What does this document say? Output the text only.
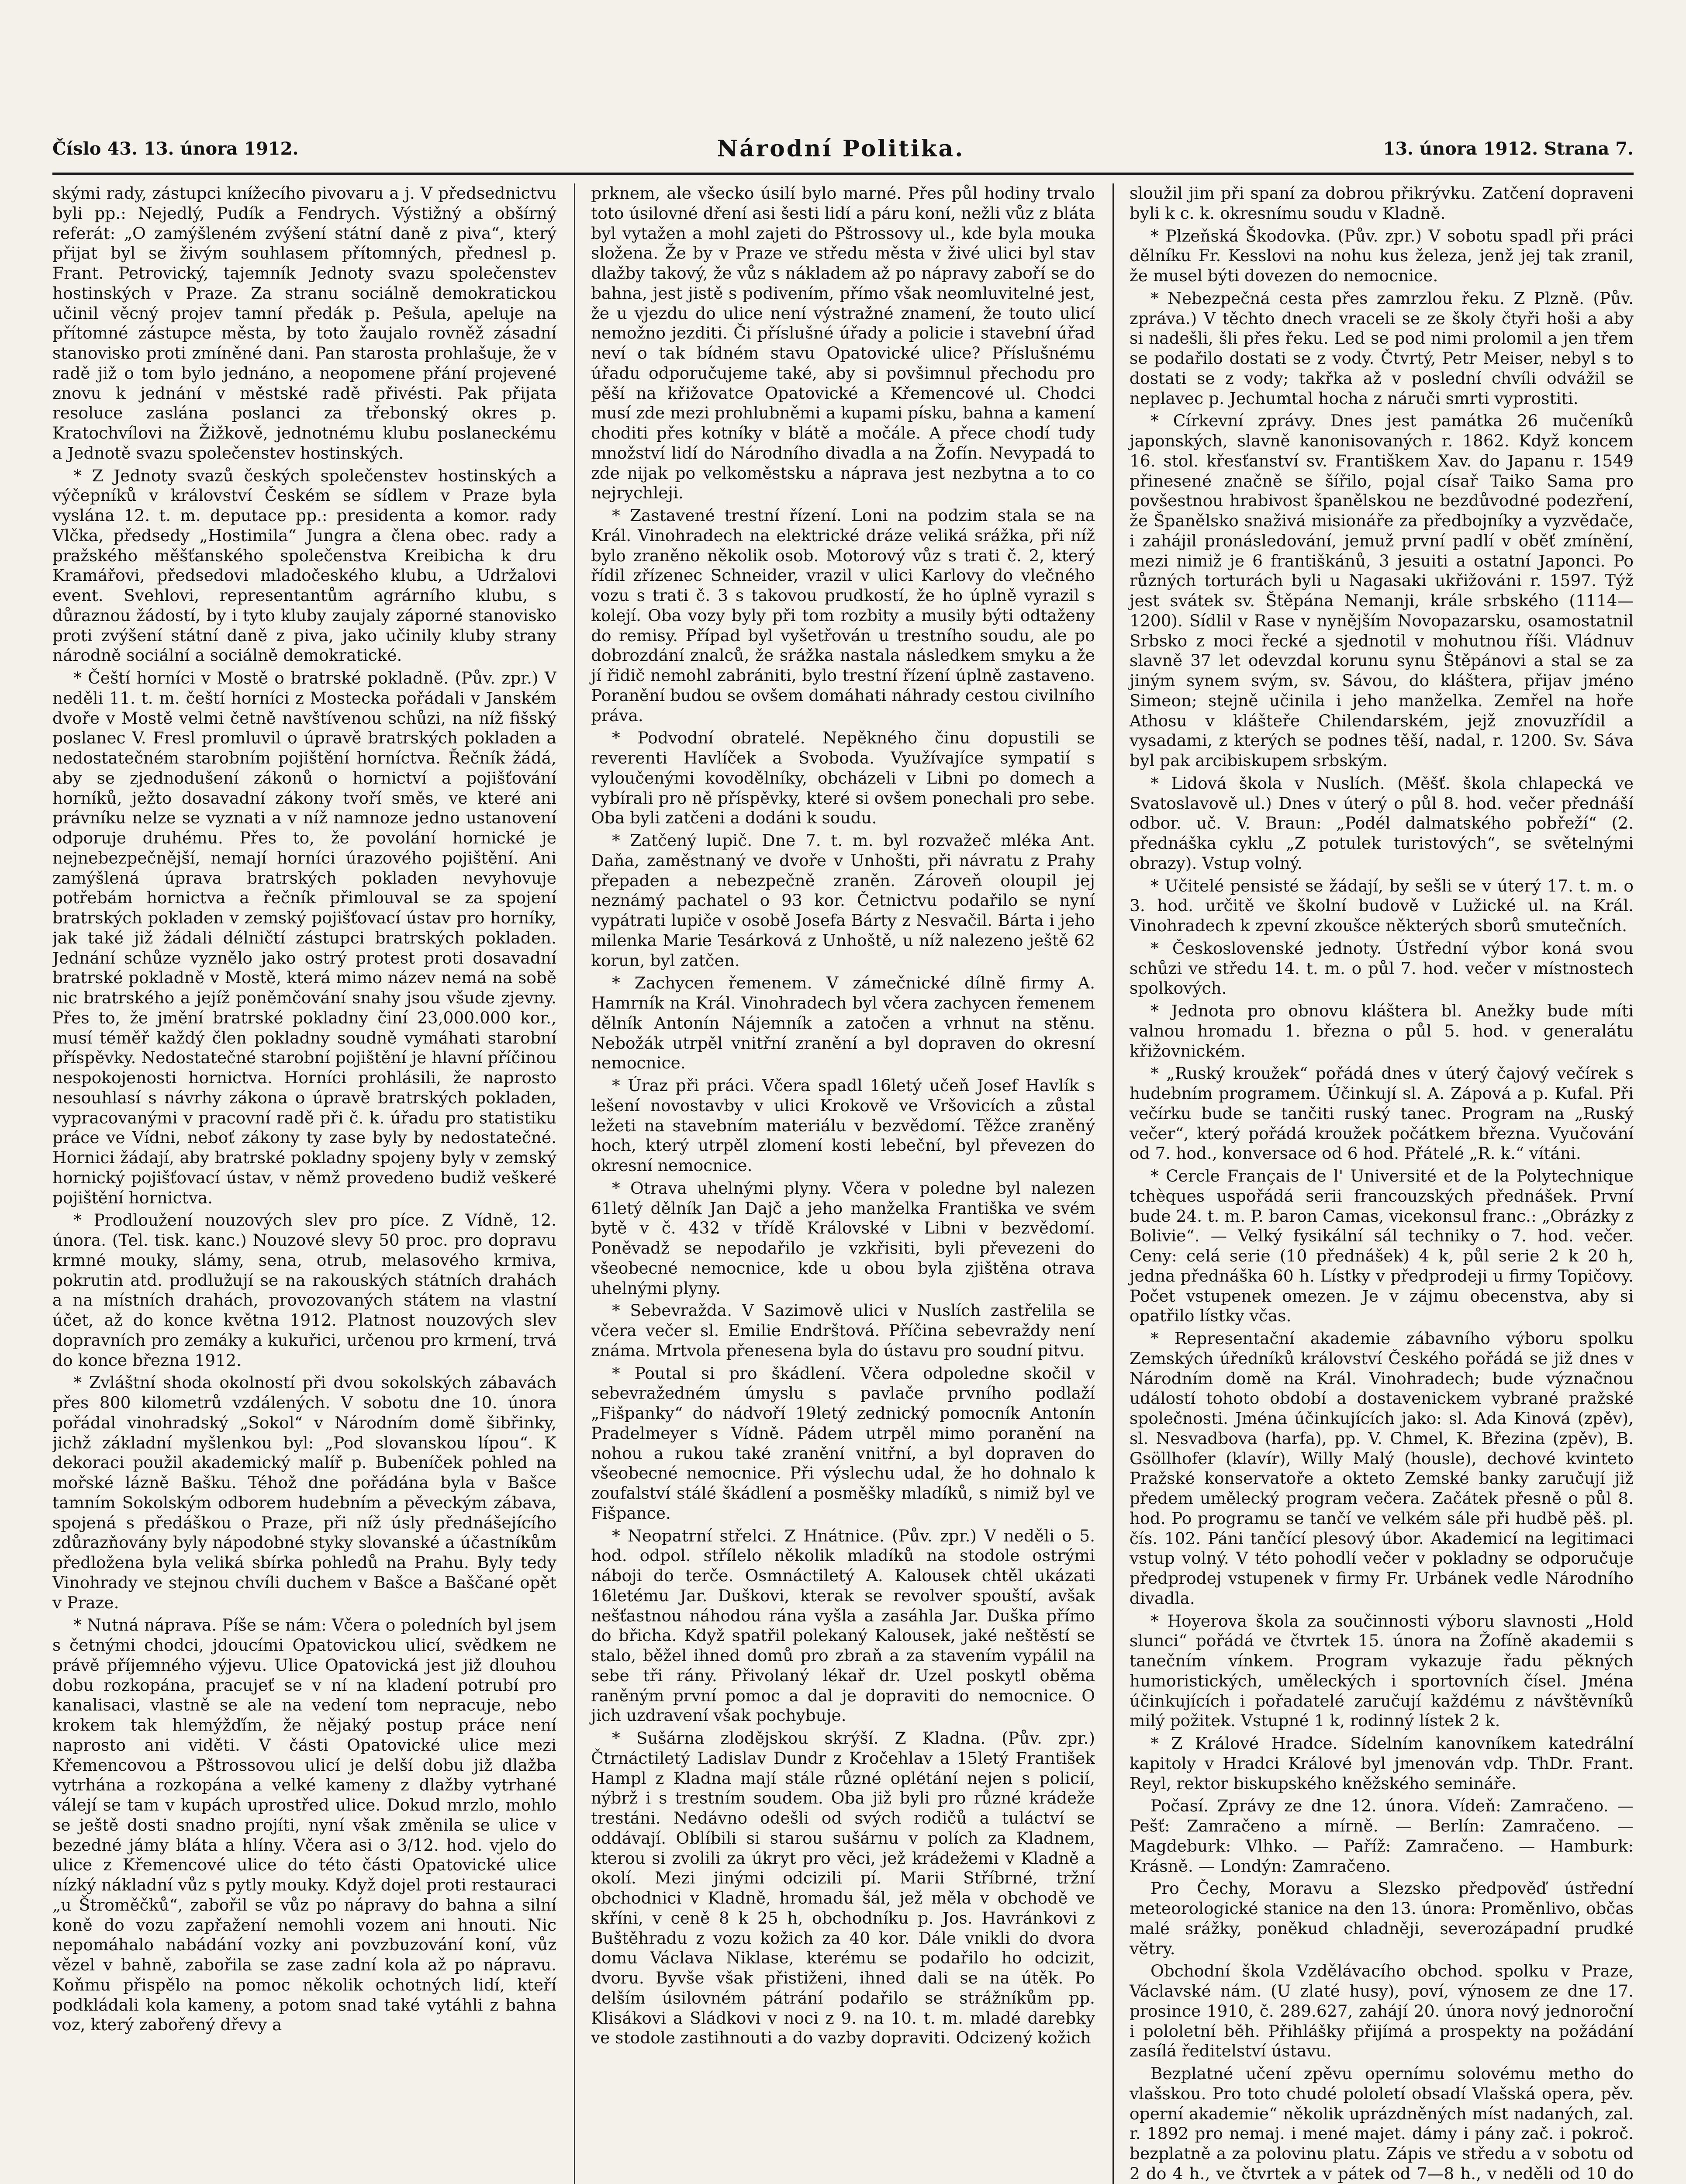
Číslo 43. 13. února 1912.	Národní Politika.	13. února 1912. Strana 7.

skými rady, zástupci knížecího pivovaru a j. V předsednictvu byli pp.: Nejedlý, Pudík a Fendrych. Výstižný a obšírný referát: „O zamýšleném zvýšení státní daně z piva“, který přijat byl se živým souhlasem přítomných, přednesl p. Frant. Petrovický, tajemník Jednoty svazu společenstev hostinských v Praze. Za stranu sociálně demokratickou učinil věcný projev tamní předák p. Pešula, apeluje na přítomné zástupce města, by toto žaujalo rovněž zásadní stanovisko proti zmíněné dani. Pan starosta prohlašuje, že v radě již o tom bylo jednáno, a neopomene přání projevené znovu k jednání v městské radě přivésti. Pak přijata resoluce zaslána poslanci za třebonský okres p. Kratochvílovi na Žižkově, jednotnému klubu poslaneckému a Jednotě svazu společenstev hostinských.

* Z Jednoty svazů českých společenstev hostinských a výčepníků v království Českém se sídlem v Praze byla vyslána 12. t. m. deputace pp.: presidenta a komor. rady Vlčka, předsedy „Hostimila“ Jungra a člena obec. rady a pražského měšťanského společenstva Kreibicha k dru Kramářovi, předsedovi mladočeského klubu, a Udržalovi event. Svehlovi, representantům agrárního klubu, s důraznou žádostí, by i tyto kluby zaujaly záporné stanovisko proti zvýšení státní daně z piva, jako učinily kluby strany národně sociální a sociálně demokratické.

* Čeští horníci v Mostě o bratrské pokladně. (Pův. zpr.) V neděli 11. t. m. čeští horníci z Mostecka pořádali v Janském dvoře v Mostě velmi četně navštívenou schůzi, na níž fišský poslanec V. Fresl promluvil o úpravě bratrských pokladen a nedostatečném starobním pojištění horníctva. Řečník žádá, aby se zjednodušení zákonů o hornictví a pojišťování horníků, ježto dosavadní zákony tvoří směs, ve které ani právníku nelze se vyznati a v níž namnoze jedno ustanovení odporuje druhému. Přes to, že povolání hornické je nejnebezpečnější, nemají horníci úrazového pojištění. Ani zamýšlená úprava bratrských pokladen nevyhovuje potřebám hornictva a řečník přimlouval se za spojení bratrských pokladen v zemský pojišťovací ústav pro horníky, jak také již žádali délničtí zástupci bratrských pokladen. Jednání schůze vyznělo jako ostrý protest proti dosavadní bratrské pokladně v Mostě, která mimo název nemá na sobě nic bratrského a jejíž poněmčování snahy jsou všude zjevny. Přes to, že jmění bratrské pokladny činí 23,000.000 kor., musí téměř každý člen pokladny soudně vymáhati starobní příspěvky. Nedostatečné starobní pojištění je hlavní příčinou nespokojenosti hornictva. Horníci prohlásili, že naprosto nesouhlasí s návrhy zákona o úpravě bratrských pokladen, vypracovanými v pracovní radě při č. k. úřadu pro statistiku práce ve Vídni, neboť zákony ty zase byly by nedostatečné. Hornici žádají, aby bratrské pokladny spojeny byly v zemský hornický pojišťovací ústav, v němž provedeno budiž veškeré pojištění hornictva.

* Prodloužení nouzových slev pro píce. Z Vídně, 12. února. (Tel. tisk. kanc.) Nouzové slevy 50 proc. pro dopravu krmné mouky, slámy, sena, otrub, melasového krmiva, pokrutin atd. prodlužují se na rakouských státních drahách a na místních drahách, provozovaných státem na vlastní účet, až do konce května 1912. Platnost nouzových slev dopravních pro zemáky a kukuřici, určenou pro krmení, trvá do konce března 1912.

* Zvláštní shoda okolností při dvou sokolských zábavách přes 800 kilometrů vzdálených. V sobotu dne 10. února pořádal vinohradský „Sokol“ v Národním domě šibřinky, jichž základní myšlenkou byl: „Pod slovanskou lípou“. K dekoraci použil akademický malíř p. Bubeníček pohled na mořské lázně Bašku. Téhož dne pořádána byla v Bašce tamním Sokolským odborem hudebním a pěveckým zábava, spojená s předáškou o Praze, při níž úsly přednášejícího zdůrazňovány byly nápodobné styky slovanské a účastníkům předložena byla veliká sbírka pohledů na Prahu. Byly tedy Vinohrady ve stejnou chvíli duchem v Bašce a Baščané opět v Praze.

* Nutná náprava. Píše se nám: Včera o poledních byl jsem s četnými chodci, jdoucími Opatovickou ulicí, svědkem ne právě příjemného výjevu. Ulice Opatovická jest již dlouhou dobu rozkopána, pracujeť se v ní na kladení potrubí pro kanalisaci, vlastně se ale na vedení tom nepracuje, nebo krokem tak hlemýžďím, že nějaký postup práce není naprosto ani viděti. V části Opatovické ulice mezi Křemencovou a Pštrossovou ulicí je delší dobu již dlažba vytrhána a rozkopána a velké kameny z dlažby vytrhané válejí se tam v kupách uprostřed ulice. Dokud mrzlo, mohlo se ještě dosti snadno projíti, nyní však změnila se ulice v bezedné jámy bláta a hlíny. Včera asi o 3/12. hod. vjelo do ulice z Křemencové ulice do této části Opatovické ulice nízký nákladní vůz s pytly mouky. Když dojel proti restauraci „u Štroměčků“, zabořil se vůz po nápravy do bahna a silní koně do vozu zapřažení nemohli vozem ani hnouti. Nic nepomáhalo nabádání vozky ani povzbuzování koní, vůz vězel v bahně, zabořila se zase zadní kola až po nápravu. Koňmu přispělo na pomoc několik ochotných lidí, kteří podkládali kola kameny, a potom snad také vytáhli z bahna voz, který zabořený dřevy a

prknem, ale všecko úsilí bylo marné. Přes půl hodiny trvalo toto úsilovné dření asi šesti lidí a páru koní, nežli vůz z bláta byl vytažen a mohl zajeti do Pštrossovy ul., kde byla mouka složena. Že by v Praze ve středu města v živé ulici byl stav dlažby takový, že vůz s nákladem až po nápravy zaboří se do bahna, jest jistě s podivením, přímo však neomluvitelné jest, že u vjezdu do ulice není výstražné znamení, že touto ulicí nemožno jezditi. Či příslušné úřady a policie i stavební úřad neví o tak bídném stavu Opatovické ulice? Příslušnému úřadu odporučujeme také, aby si povšimnul přechodu pro pěší na křižovatce Opatovické a Křemencové ul. Chodci musí zde mezi prohlubněmi a kupami písku, bahna a kamení choditi přes kotníky v blátě a močále. A přece chodí tudy množství lidí do Národního divadla a na Žofín. Nevypadá to zde nijak po velkoměstsku a náprava jest nezbytna a to co nejrychleji.

* Zastavené trestní řízení. Loni na podzim stala se na Král. Vinohradech na elektrické dráze veliká srážka, při níž bylo zraněno několik osob. Motorový vůz s trati č. 2, který řídil zřízenec Schneider, vrazil v ulici Karlovy do vlečného vozu s trati č. 3 s takovou prudkostí, že ho úplně vyrazil s kolejí. Oba vozy byly při tom rozbity a musily býti odtaženy do remisy. Případ byl vyšetřován u trestního soudu, ale po dobrozdání znalců, že srážka nastala následkem smyku a že jí řidič nemohl zabrániti, bylo trestní řízení úplně zastaveno. Poranění budou se ovšem domáhati náhrady cestou civilního práva.

* Podvodní obratelé. Nepěkného činu dopustili se reverenti Havlíček a Svoboda. Využívajíce sympatií s vyloučenými kovodělníky, obcházeli v Libni po domech a vybírali pro ně příspěvky, které si ovšem ponechali pro sebe. Oba byli zatčeni a dodáni k soudu.

* Zatčený lupič. Dne 7. t. m. byl rozvažeč mléka Ant. Daňa, zaměstnaný ve dvoře v Unhošti, při návratu z Prahy přepaden a nebezpečně zraněn. Zároveň oloupil jej neznámý pachatel o 93 kor. Četnictvu podařilo se nyní vypátrati lupiče v osobě Josefa Bárty z Nesvačil. Bárta i jeho milenka Marie Tesárková z Unhoště, u níž nalezeno ještě 62 korun, byl zatčen.

* Zachycen řemenem. V zámečnické dílně firmy A. Hamrník na Král. Vinohradech byl včera zachycen řemenem dělník Antonín Nájemník a zatočen a vrhnut na stěnu. Nebožák utrpěl vnitřní zranění a byl dopraven do okresní nemocnice.

* Úraz při práci. Včera spadl 16letý učeň Josef Havlík s lešení novostavby v ulici Krokově ve Vršovicích a zůstal ležeti na stavebním materiálu v bezvědomí. Těžce zraněný hoch, který utrpěl zlomení kosti lebeční, byl převezen do okresní nemocnice.

* Otrava uhelnými plyny. Včera v poledne byl nalezen 61letý dělník Jan Dajč a jeho manželka Františka ve svém bytě v č. 432 v třídě Královské v Libni v bezvědomí. Poněvadž se nepodařilo je vzkřisiti, byli převezeni do všeobecné nemocnice, kde u obou byla zjištěna otrava uhelnými plyny.

* Sebevražda. V Sazimově ulici v Nuslích zastřelila se včera večer sl. Emilie Endrštová. Příčina sebevraždy není známa. Mrtvola přenesena byla do ústavu pro soudní pitvu.

* Poutal si pro škádlení. Včera odpoledne skočil v sebevražedném úmyslu s pavlače prvního podlaží „Fišpanky“ do nádvoří 19letý zednický pomocník Antonín Pradelmeyer s Vídně. Pádem utrpěl mimo poranění na nohou a rukou také zranění vnitřní, a byl dopraven do všeobecné nemocnice. Při výslechu udal, že ho dohnalo k zoufalství stálé škádlení a posměšky mladíků, s nimiž byl ve Fišpance.

* Neopatrní střelci. Z Hnátnice. (Pův. zpr.) V neděli o 5. hod. odpol. střílelo několik mladíků na stodole ostrými náboji do terče. Osmnáctiletý A. Kalousek chtěl ukázati 16letému Jar. Duškovi, kterak se revolver spouští, avšak nešťastnou náhodou rána vyšla a zasáhla Jar. Duška přímo do břicha. Když spatřil polekaný Kalousek, jaké neštěstí se stalo, běžel ihned domů pro zbraň a za stavením vypálil na sebe tři rány. Přivolaný lékař dr. Uzel poskytl oběma raněným první pomoc a dal je dopraviti do nemocnice. O jich uzdravení však pochybuje.

* Sušárna zlodějskou skrýší. Z Kladna. (Pův. zpr.) Čtrnáctiletý Ladislav Dundr z Kročehlav a 15letý František Hampl z Kladna mají stále různé oplétání nejen s policií, nýbrž i s trestním soudem. Oba již byli pro různé krádeže trestáni. Nedávno odešli od svých rodičů a tuláctví se oddávají. Oblíbili si starou sušárnu v polích za Kladnem, kterou si zvolili za úkryt pro věci, jež krádežemi v Kladně a okolí. Mezi jinými odcizili pí. Marii Stříbrné, tržní obchodnici v Kladně, hromadu šál, jež měla v obchodě ve skříni, v ceně 8 k 25 h, obchodníku p. Jos. Havránkovi z Buštěhradu z vozu kožich za 40 kor. Dále vnikli do dvora domu Václava Niklase, kterému se podařilo ho odcizit, dvoru. Byvše však přistiženi, ihned dali se na útěk. Po delším úsilovném pátrání podařilo se strážníkům pp. Klisákovi a Sládkovi v noci z 9. na 10. t. m. mladé darebky ve stodole zastihnouti a do vazby dopraviti. Odcizený kožich

sloužil jim při spaní za dobrou přikrývku. Zatčení dopraveni byli k c. k. okresnímu soudu v Kladně.

* Plzeňská Škodovka. (Pův. zpr.) V sobotu spadl při práci dělníku Fr. Kesslovi na nohu kus železa, jenž jej tak zranil, že musel býti dovezen do nemocnice.

* Nebezpečná cesta přes zamrzlou řeku. Z Plzně. (Pův. zpráva.) V těchto dnech vraceli se ze školy čtyři hoši a aby si nadešli, šli přes řeku. Led se pod nimi prolomil a jen třem se podařilo dostati se z vody. Čtvrtý, Petr Meiser, nebyl s to dostati se z vody; takřka až v poslední chvíli odvážil se neplavec p. Jechumtal hocha z náruči smrti vyprostiti.

* Církevní zprávy. Dnes jest památka 26 mučeníků japonských, slavně kanonisovaných r. 1862. Když koncem 16. stol. křesťanství sv. Františkem Xav. do Japanu r. 1549 přinesené značně se šířilo, pojal císař Taiko Sama pro povšestnou hrabivost španělskou ne bezdůvodné podezření, že Španělsko snaživá misionáře za předbojníky a vyzvědače, i zahájil pronásledování, jemuž první padlí v oběť zmínění, mezi nimiž je 6 františkánů, 3 jesuiti a ostatní Japonci. Po různých torturách byli u Nagasaki ukřižováni r. 1597. Týž jest svátek sv. Štěpána Nemanji, krále srbského (1114—1200). Sídlil v Rase v nynějším Novopazarsku, osamostatnil Srbsko z moci řecké a sjednotil v mohutnou říši. Vládnuv slavně 37 let odevzdal korunu synu Štěpánovi a stal se za jiným synem svým, sv. Sávou, do kláštera, přijav jméno Simeon; stejně učinila i jeho manželka. Zemřel na hoře Athosu v klášteře Chilendarském, jejž znovuzřídil a vysadami, z kterých se podnes těší, nadal, r. 1200. Sv. Sáva byl pak arcibiskupem srbským.

* Lidová škola v Nuslích. (Měšť. škola chlapecká ve Svatoslavově ul.) Dnes v úterý o půl 8. hod. večer přednáší odbor. uč. V. Braun: „Podél dalmatského pobřeží“ (2. přednáška cyklu „Z potulek turistových“, se světelnými obrazy). Vstup volný.

* Učitelé pensisté se žádají, by sešli se v úterý 17. t. m. o 3. hod. určitě ve školní budově v Lužické ul. na Král. Vinohradech k zpevní zkoušce některých sborů smutečních.

* Československé jednoty. Ústřední výbor koná svou schůzi ve středu 14. t. m. o půl 7. hod. večer v místnostech spolkových.

* Jednota pro obnovu kláštera bl. Anežky bude míti valnou hromadu 1. března o půl 5. hod. v generalátu křižovnickém.

* „Ruský kroužek“ pořádá dnes v úterý čajový večírek s hudebním programem. Účinkují sl. A. Zápová a p. Kufal. Při večírku bude se tančiti ruský tanec. Program na „Ruský večer“, který pořádá kroužek počátkem března. Vyučování od 7. hod., konversace od 6 hod. Přátelé „R. k.“ vítáni.

* Cercle Français de l' Université et de la Polytechnique tchèques uspořádá serii francouzských přednášek. První bude 24. t. m. P. baron Camas, vicekonsul franc.: „Obrázky z Bolivie“. — Velký fysikální sál techniky o 7. hod. večer. Ceny: celá serie (10 přednášek) 4 k, půl serie 2 k 20 h, jedna přednáška 60 h. Lístky v předprodeji u firmy Topičovy. Počet vstupenek omezen. Je v zájmu obecenstva, aby si opatřilo lístky včas.

* Representační akademie zábavního výboru spolku Zemských úředníků království Českého pořádá se již dnes v Národním domě na Král. Vinohradech; bude význačnou událostí tohoto období a dostavenickem vybrané pražské společnosti. Jména účinkujících jako: sl. Ada Kinová (zpěv), sl. Nesvadbova (harfa), pp. V. Chmel, K. Březina (zpěv), B. Gsöllhofer (klavír), Willy Malý (housle), dechové kvinteto Pražské konservatoře a okteto Zemské banky zaručují již předem umělecký program večera. Začátek přesně o půl 8. hod. Po programu se tančí ve velkém sále při hudbě pěš. pl. čís. 102. Páni tančící plesový úbor. Akademicí na legitimaci vstup volný. V této pohodlí večer v pokladny se odporučuje předprodej vstupenek v firmy Fr. Urbánek vedle Národního divadla.

* Hoyerova škola za součinnosti výboru slavnosti „Hold slunci“ pořádá ve čtvrtek 15. února na Žofíně akademii s tanečním vínkem. Program vykazuje řadu pěkných humoristických, uměleckých i sportovních čísel. Jména účinkujících i pořadatelé zaručují každému z návštěvníků milý požitek. Vstupné 1 k, rodinný lístek 2 k.

* Z Králové Hradce. Sídelním kanovníkem katedrální kapitoly v Hradci Králové byl jmenován vdp. ThDr. Frant. Reyl, rektor biskupského kněžského semináře.

Počasí. Zprávy ze dne 12. února. Vídeň: Zamračeno. — Pešť: Zamračeno a mírně. — Berlín: Zamračeno. — Magdeburk: Vlhko. — Paříž: Zamračeno. — Hamburk: Krásně. — Londýn: Zamračeno.

Pro Čechy, Moravu a Slezsko předpověď ústřední meteorologické stanice na den 13. února: Proměnlivo, občas malé srážky, poněkud chladněji, severozápadní prudké větry.

Obchodní škola Vzdělávacího obchod. spolku v Praze, Václavské nám. (U zlaté husy), poví, výnosem ze dne 17. prosince 1910, č. 289.627, zahájí 20. února nový jednoroční i pololetní běh. Přihlášky přijímá a prospekty na požádání zasílá ředitelství ústavu.

Bezplatné učení zpěvu opernímu solovému metho do vlašskou. Pro toto chudé pololetí obsadí Vlašská opera, pěv. operní akademie“ několik uprázdněných míst nadaných, zal. r. 1892 pro nemaj. i mené majet. dámy i pány zač. i pokroč. bezplatně a za polovinu platu. Zápis ve středu a v sobotu od 2 do 4 h., ve čtvrtek a v pátek od 7—8 h., v neděli od 10 do
